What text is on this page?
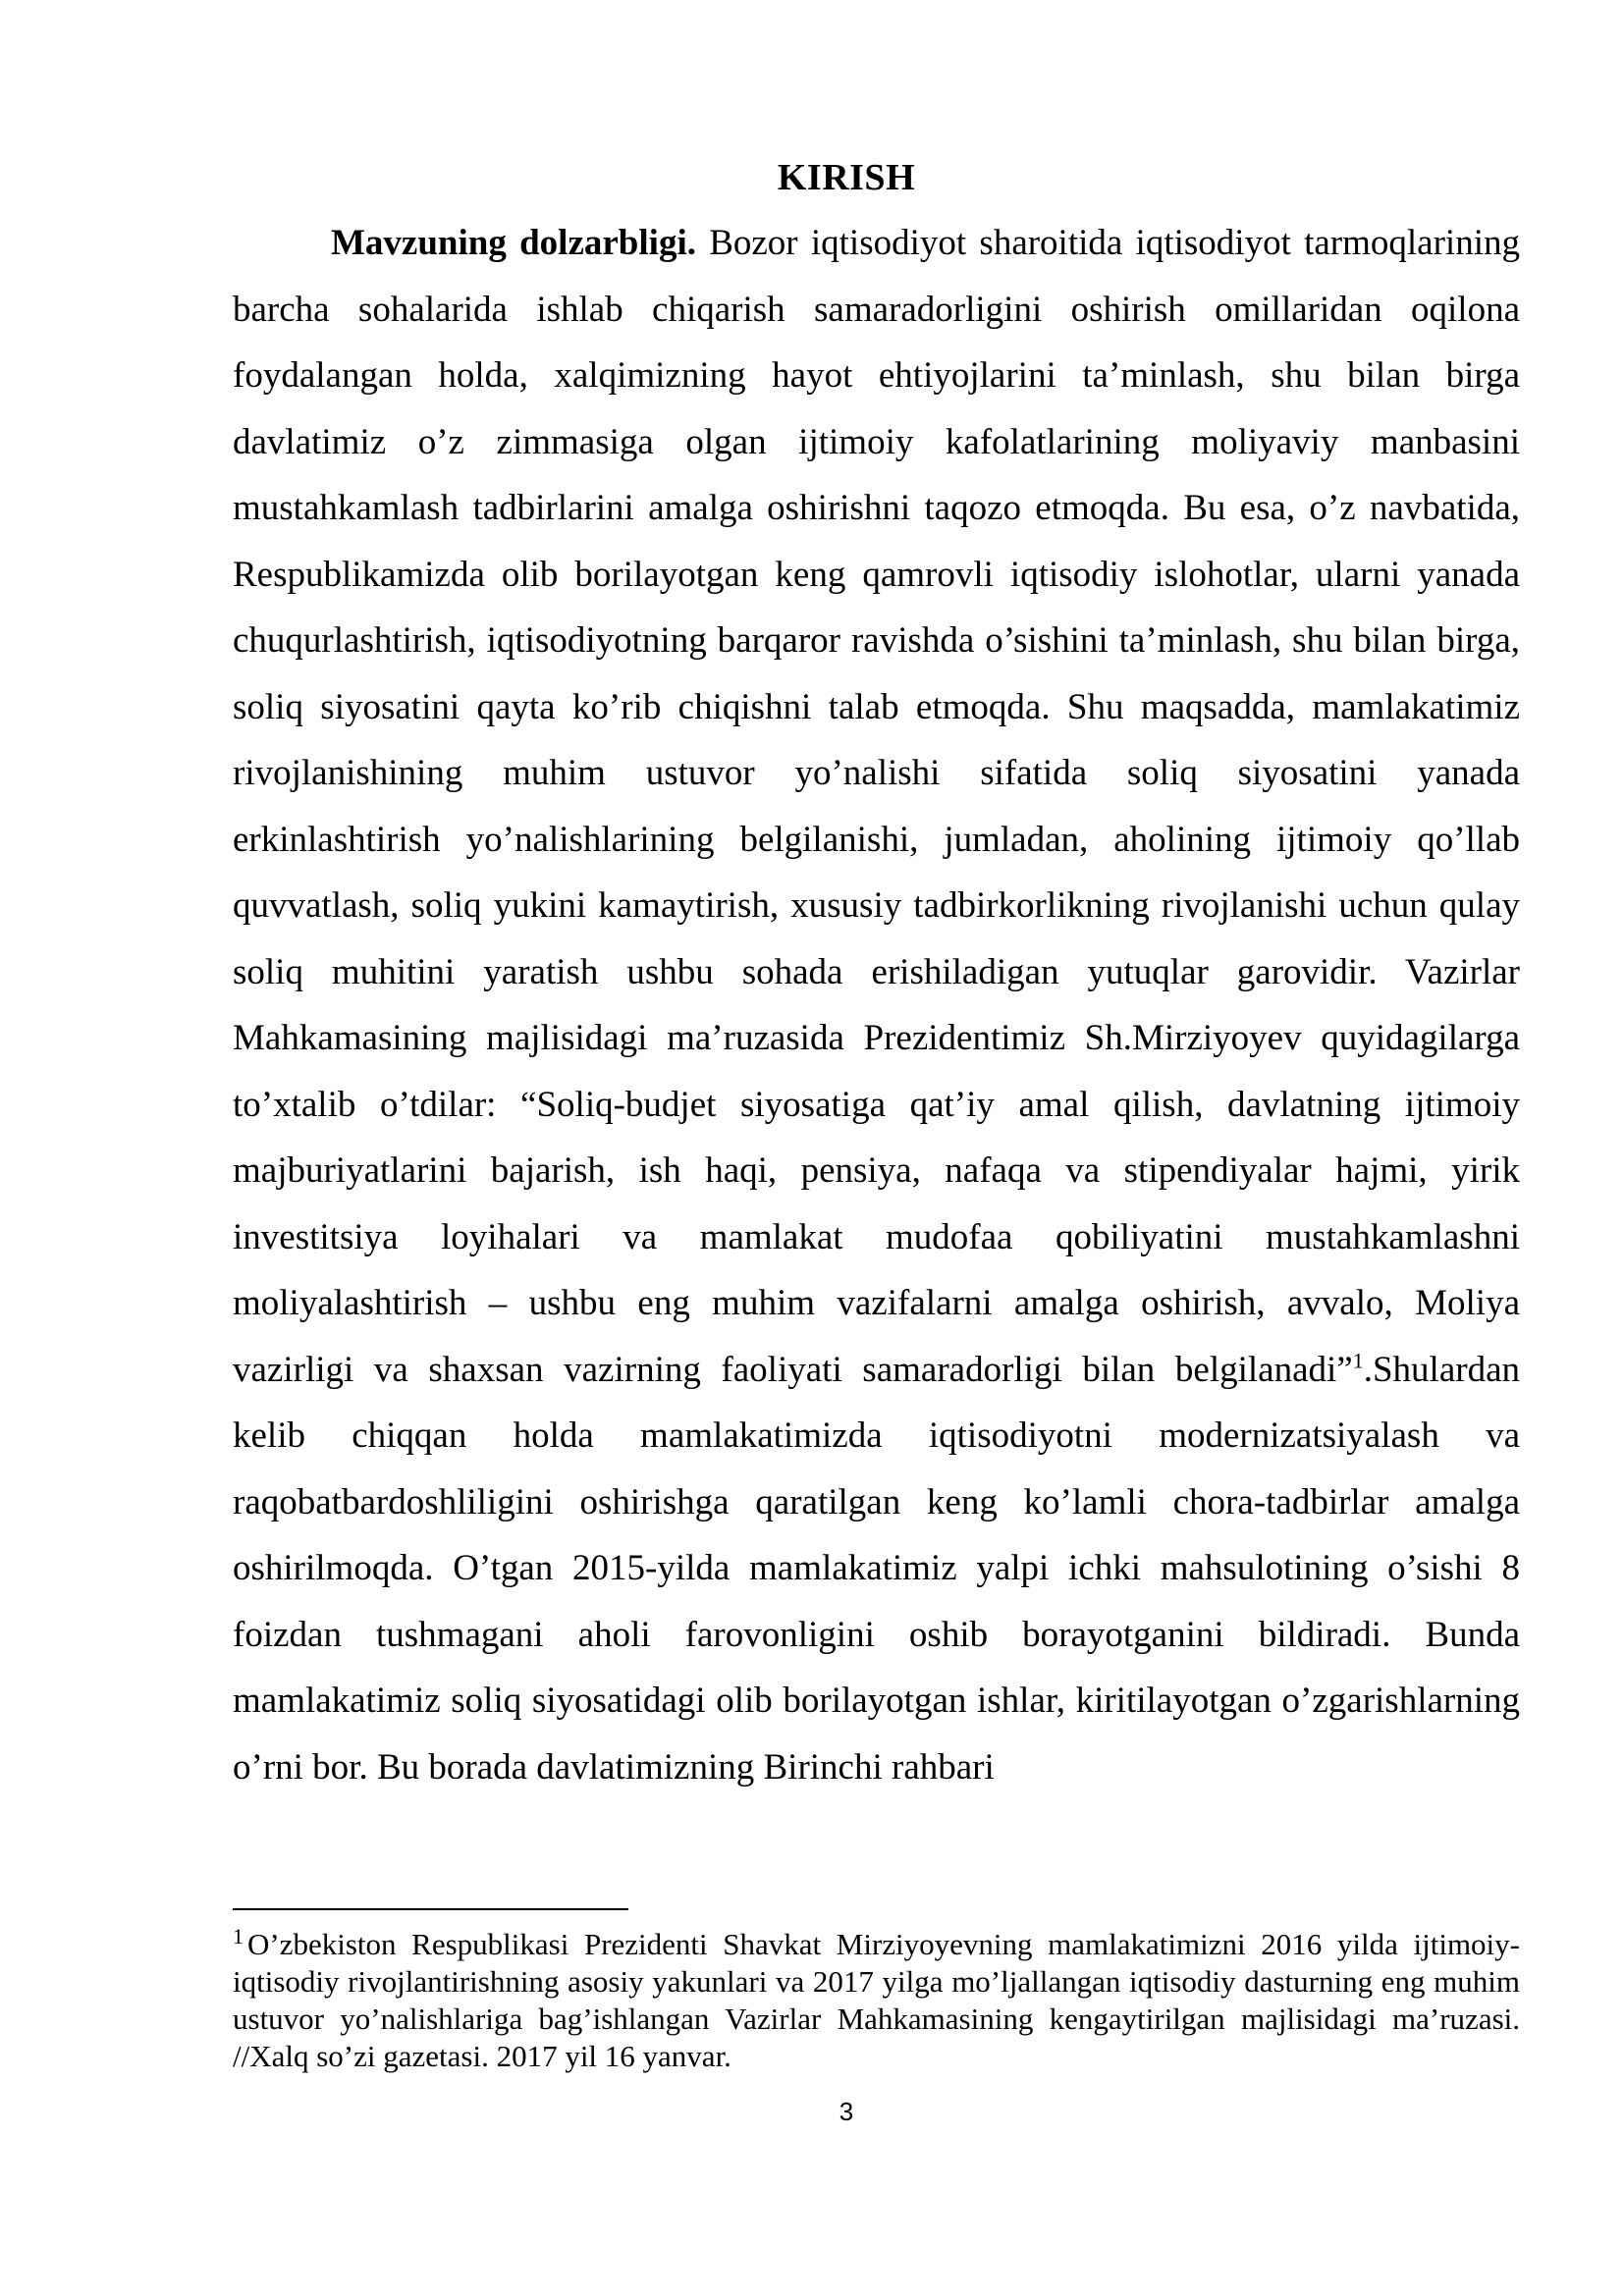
KIRISH

Mavzuning dolzarbligi. Bozor iqtisodiyot sharoitida iqtisodiyot tarmoqlarining barcha sohalarida ishlab chiqarish samaradorligini oshirish omillaridan oqilona foydalangan holda, xalqimizning hayot ehtiyojlarini ta’minlash, shu bilan birga davlatimiz o’z zimmasiga olgan ijtimoiy kafolatlarining moliyaviy manbasini mustahkamlash tadbirlarini amalga oshirishni taqozo etmoqda. Bu esa, o’z navbatida, Respublikamizda olib borilayotgan keng qamrovli iqtisodiy islohotlar, ularni yanada chuqurlashtirish, iqtisodiyotning barqaror ravishda o’sishini ta’minlash, shu bilan birga, soliq siyosatini qayta ko’rib chiqishni talab etmoqda. Shu maqsadda, mamlakatimiz rivojlanishining muhim ustuvor yo’nalishi sifatida soliq siyosatini yanada erkinlashtirish yo’nalishlarining belgilanishi, jumladan, aholining ijtimoiy qo’llab quvvatlash, soliq yukini kamaytirish, xususiy tadbirkorlikning rivojlanishi uchun qulay soliq muhitini yaratish ushbu sohada erishiladigan yutuqlar garovidir. Vazirlar Mahkamasining majlisidagi ma’ruzasida Prezidentimiz Sh.Mirziyoyev quyidagilarga to’xtalib o’tdilar: “Soliq-budjet siyosatiga qat’iy amal qilish, davlatning ijtimoiy majburiyatlarini bajarish, ish haqi, pensiya, nafaqa va stipendiyalar hajmi, yirik investitsiya loyihalari va mamlakat mudofaa qobiliyatini mustahkamlashni moliyalashtirish – ushbu eng muhim vazifalarni amalga oshirish, avvalo, Moliya vazirligi va shaxsan vazirning faoliyati samaradorligi bilan belgilanadi”$^1$.Shulardan kelib chiqqan holda mamlakatimizda iqtisodiyotni modernizatsiyalash va raqobatbardoshliligini oshirishga qaratilgan keng ko’lamli chora-tadbirlar amalga oshirilmoqda. O’tgan 2015-yilda mamlakatimiz yalpi ichki mahsulotining o’sishi 8 foizdan tushmagani aholi farovonligini oshib borayotganini bildiradi. Bunda mamlakatimiz soliq siyosatidagi olib borilayotgan ishlar, kiritilayotgan o’zgarishlarning o’rni bor. Bu borada davlatimizning Birinchi rahbari

$^1$ O’zbekiston Respublikasi Prezidenti Shavkat Mirziyoyevning mamlakatimizni 2016 yilda ijtimoiy-iqtisodiy rivojlantirishning asosiy yakunlari va 2017 yilga mo’ljallangan iqtisodiy dasturning eng muhim ustuvor yo’nalishlariga bag’ishlangan Vazirlar Mahkamasining kengaytirilgan majlisidagi ma’ruzasi. //Xalq so’zi gazetasi. 2017 yil 16 yanvar.
3
